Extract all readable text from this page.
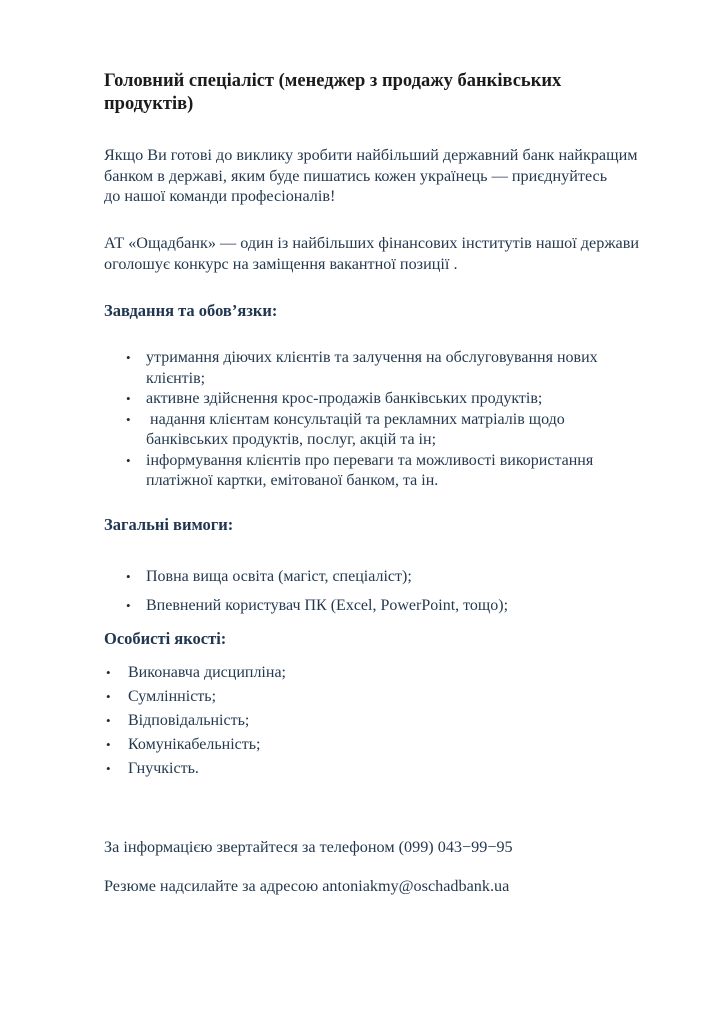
Головний спеціаліст (менеджер з продажу банківських
продуктів)

Якщо Ви готові до виклику зробити найбільший державний банк найкращим
банком в державі, яким буде пишатись кожен українець — приєднуйтесь
до нашої команди професіоналів!

АТ «Ощадбанк» — один із найбільших фінансових інститутів нашої держави
оголошує конкурс на заміщення вакантної позиції .

Завдання та обов’язки:
• утримання діючих клієнтів та залучення на обслуговування нових
клієнтів;
• активне здійснення крос-продажів банківських продуктів;
• надання клієнтам консультацій та рекламних матріалів щодо
банківських продуктів, послуг, акцій та ін;
• інформування клієнтів про переваги та можливості використання
платіжної картки, емітованої банком, та ін.
Загальні вимоги:
• Повна вища освіта (магіст, спеціаліст);
• Впевнений користувач ПК (Excel, PowerPoint, тощо);
Особисті якості:
• Виконавча дисципліна;
• Сумлінність;
• Відповідальність;
• Комунікабельність;
• Гнучкість.

За інформацією звертайтеся за телефоном (099) 043−99−95

Резюме надсилайте за адресою antoniakmy@oschadbank.ua
